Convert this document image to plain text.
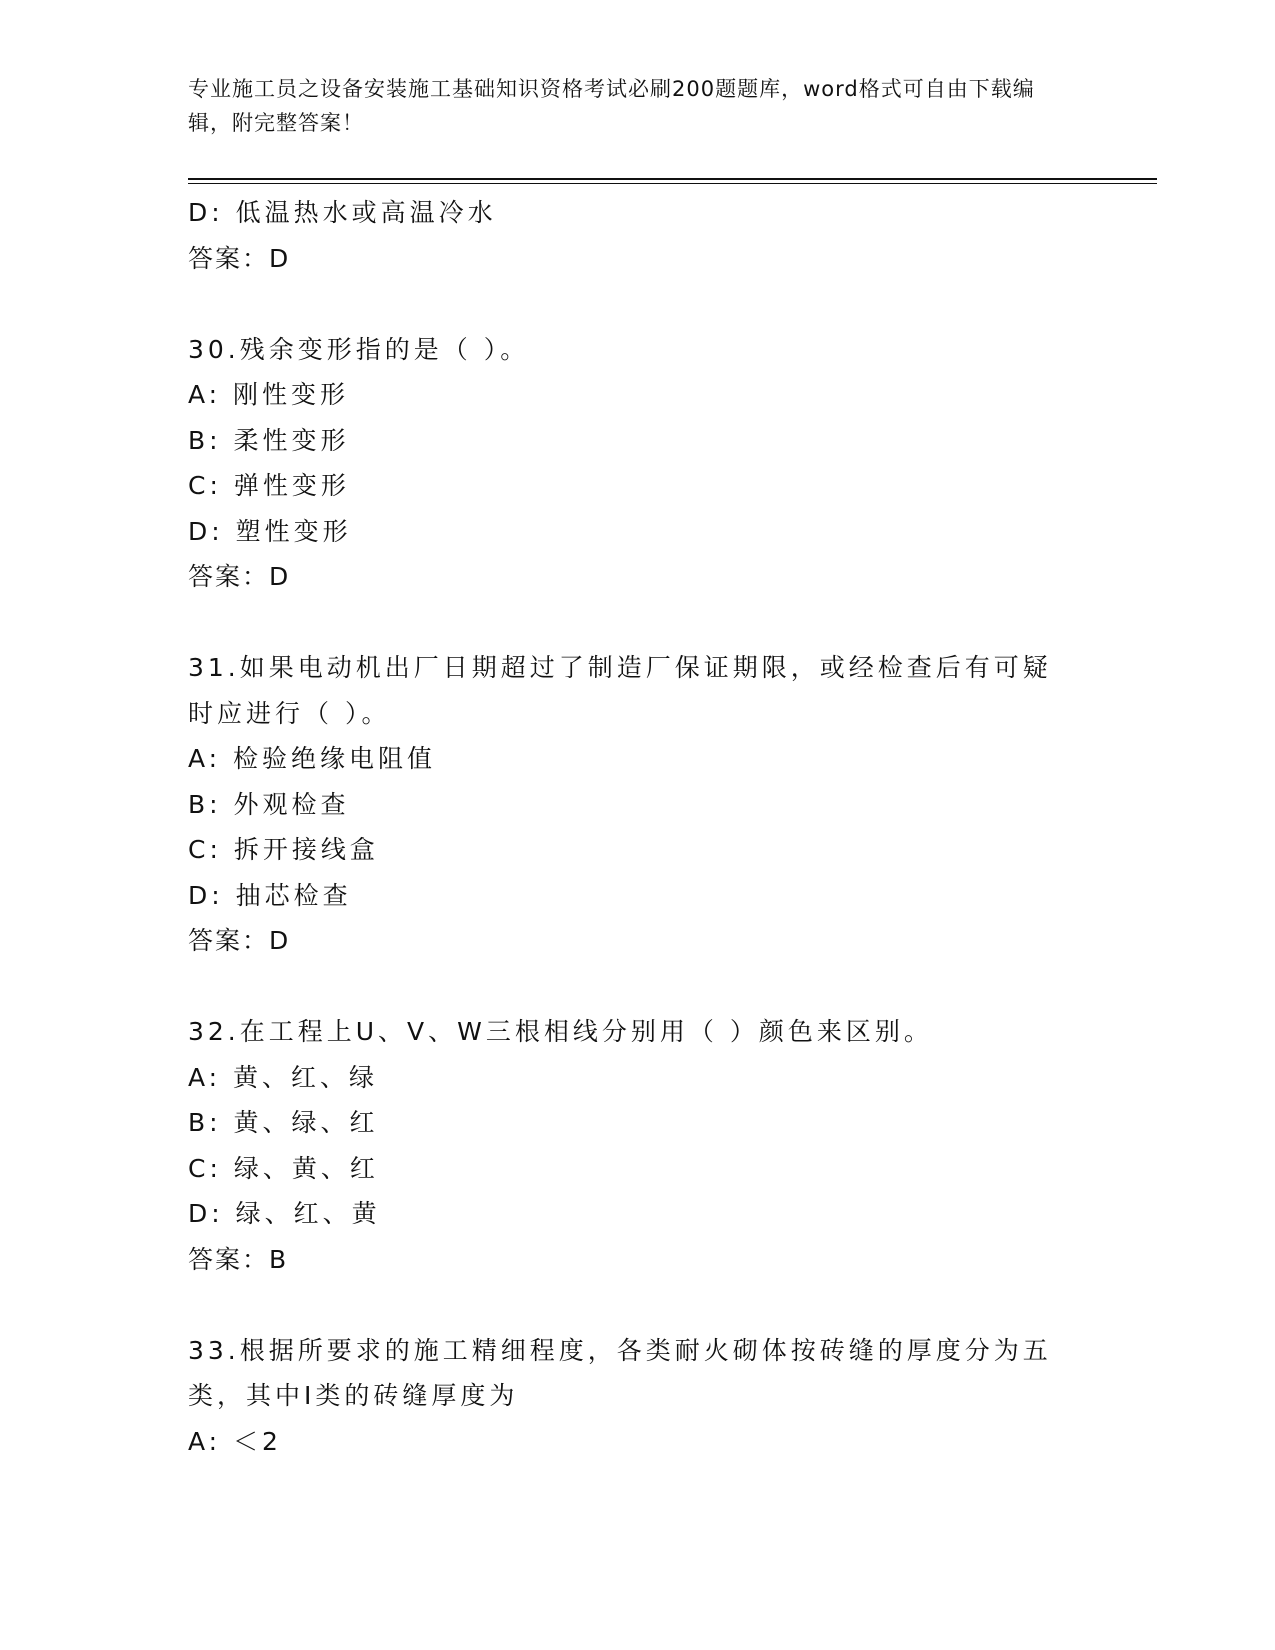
专业施工员之设备安装施工基础知识资格考试必刷200题题库，word格式可自由下载编辑，附完整答案！
D: 低温热水或高温冷水
答案：D
30.残余变形指的是（ ）。
A: 刚性变形
B: 柔性变形
C: 弹性变形
D: 塑性变形
答案：D
31.如果电动机出厂日期超过了制造厂保证期限，或经检查后有可疑时应进行（ ）。
A: 检验绝缘电阻值
B: 外观检查
C: 拆开接线盒
D: 抽芯检查
答案：D
32.在工程上U、V、W三根相线分别用（ ）颜色来区别。
A: 黄、红、绿
B: 黄、绿、红
C: 绿、黄、红
D: 绿、红、黄
答案：B
33.根据所要求的施工精细程度，各类耐火砌体按砖缝的厚度分为五类，其中Ⅰ类的砖缝厚度为
A: ＜2
